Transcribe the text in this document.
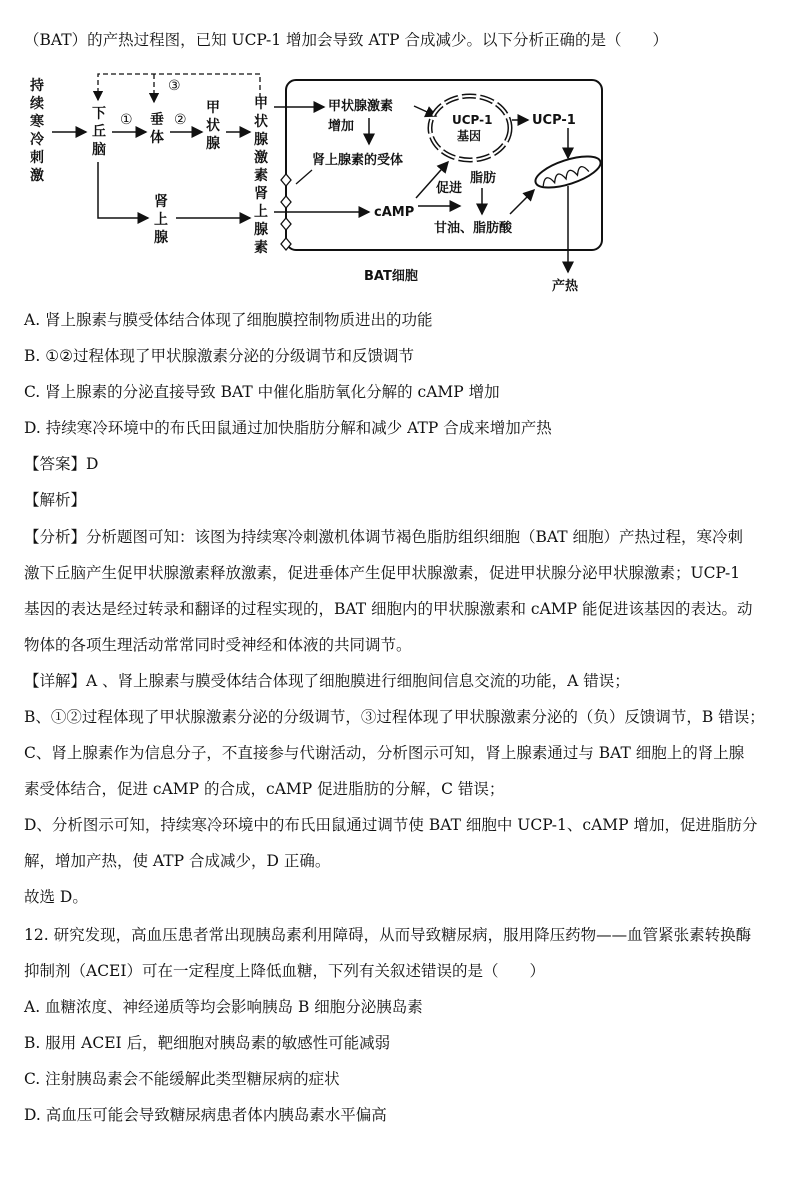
（BAT）的产热过程图，已知 UCP-1 增加会导致 ATP 合成减少。以下分析正确的是（　　）
持
续
寒
冷
刺
激
下
丘
脑
① 垂
体
②
甲
状
腺
③
肾
上
腺
甲
状
腺
激
素
肾
上
腺
素
甲状腺激素
增加
肾上腺素的受体
UCP-1
基因
UCP-1
cAMP
促进
脂肪
甘油、脂肪酸
产热
BAT细胞
A. 肾上腺素与膜受体结合体现了细胞膜控制物质进出的功能
B. ①②过程体现了甲状腺激素分泌的分级调节和反馈调节
C. 肾上腺素的分泌直接导致 BAT 中催化脂肪氧化分解的 cAMP 增加
D. 持续寒冷环境中的布氏田鼠通过加快脂肪分解和减少 ATP 合成来增加产热
【答案】D
【解析】
【分析】分析题图可知：该图为持续寒冷刺激机体调节褐色脂肪组织细胞（BAT 细胞）产热过程，寒冷刺
激下丘脑产生促甲状腺激素释放激素，促进垂体产生促甲状腺激素，促进甲状腺分泌甲状腺激素；UCP-1
基因的表达是经过转录和翻译的过程实现的，BAT 细胞内的甲状腺激素和 cAMP 能促进该基因的表达。动
物体的各项生理活动常常同时受神经和体液的共同调节。
【详解】A 、肾上腺素与膜受体结合体现了细胞膜进行细胞间信息交流的功能，A 错误；
B、①②过程体现了甲状腺激素分泌的分级调节，③过程体现了甲状腺激素分泌的（负）反馈调节，B 错误；
C、肾上腺素作为信息分子，不直接参与代谢活动，分析图示可知，肾上腺素通过与 BAT 细胞上的肾上腺
素受体结合，促进 cAMP 的合成，cAMP 促进脂肪的分解，C 错误；
D、分析图示可知，持续寒冷环境中的布氏田鼠通过调节使 BAT 细胞中 UCP-1、cAMP 增加，促进脂肪分
解，增加产热，使 ATP 合成减少，D 正确。
故选 D。
12. 研究发现，高血压患者常出现胰岛素利用障碍，从而导致糖尿病，服用降压药物——血管紧张素转换酶
抑制剂（ACEI）可在一定程度上降低血糖，下列有关叙述错误的是（　　）
A. 血糖浓度、神经递质等均会影响胰岛 B 细胞分泌胰岛素
B. 服用 ACEI 后，靶细胞对胰岛素的敏感性可能减弱
C. 注射胰岛素会不能缓解此类型糖尿病的症状
D. 高血压可能会导致糖尿病患者体内胰岛素水平偏高
